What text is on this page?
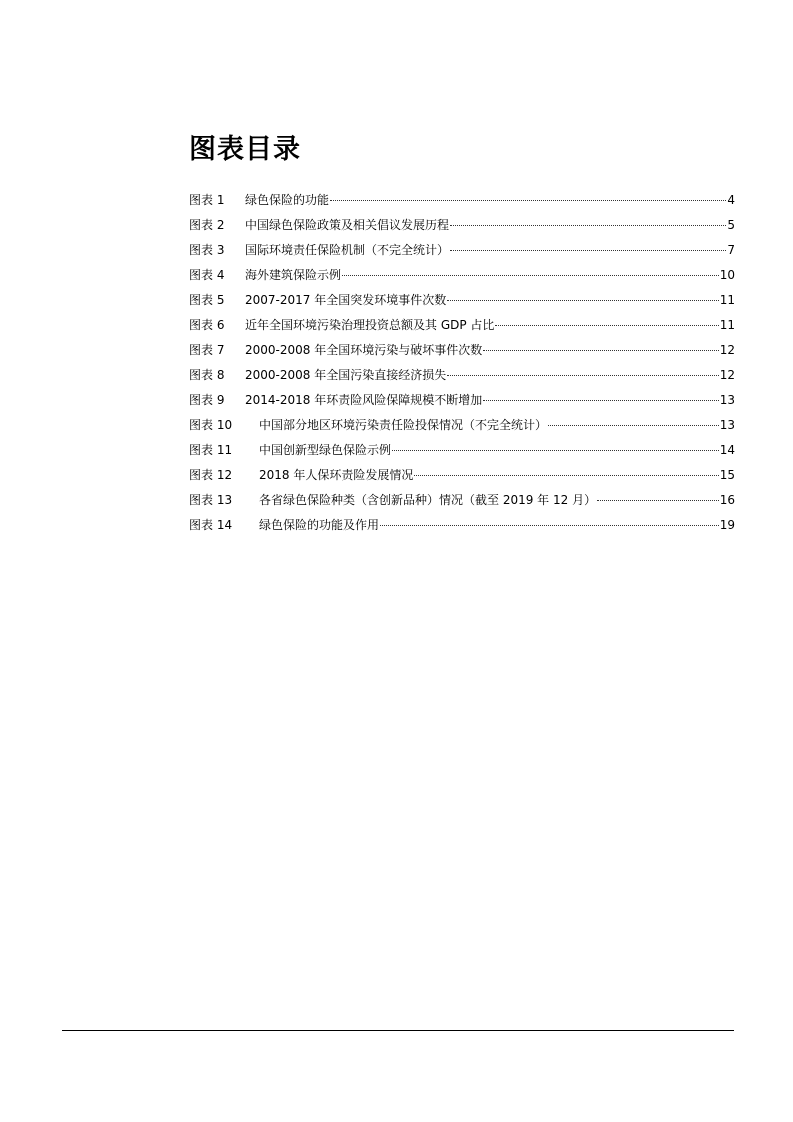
图表目录
图表 1	绿色保险的功能	4
图表 2	中国绿色保险政策及相关倡议发展历程	5
图表 3	国际环境责任保险机制（不完全统计）	7
图表 4	海外建筑保险示例	10
图表 5	2007-2017 年全国突发环境事件次数	11
图表 6	近年全国环境污染治理投资总额及其 GDP 占比	11
图表 7	2000-2008 年全国环境污染与破坏事件次数	12
图表 8	2000-2008 年全国污染直接经济损失	12
图表 9	2014-2018 年环责险风险保障规模不断增加	13
图表 10	中国部分地区环境污染责任险投保情况（不完全统计）	13
图表 11	中国创新型绿色保险示例	14
图表 12	2018 年人保环责险发展情况	15
图表 13	各省绿色保险种类（含创新品种）情况（截至 2019 年 12 月）	16
图表 14	绿色保险的功能及作用	19
